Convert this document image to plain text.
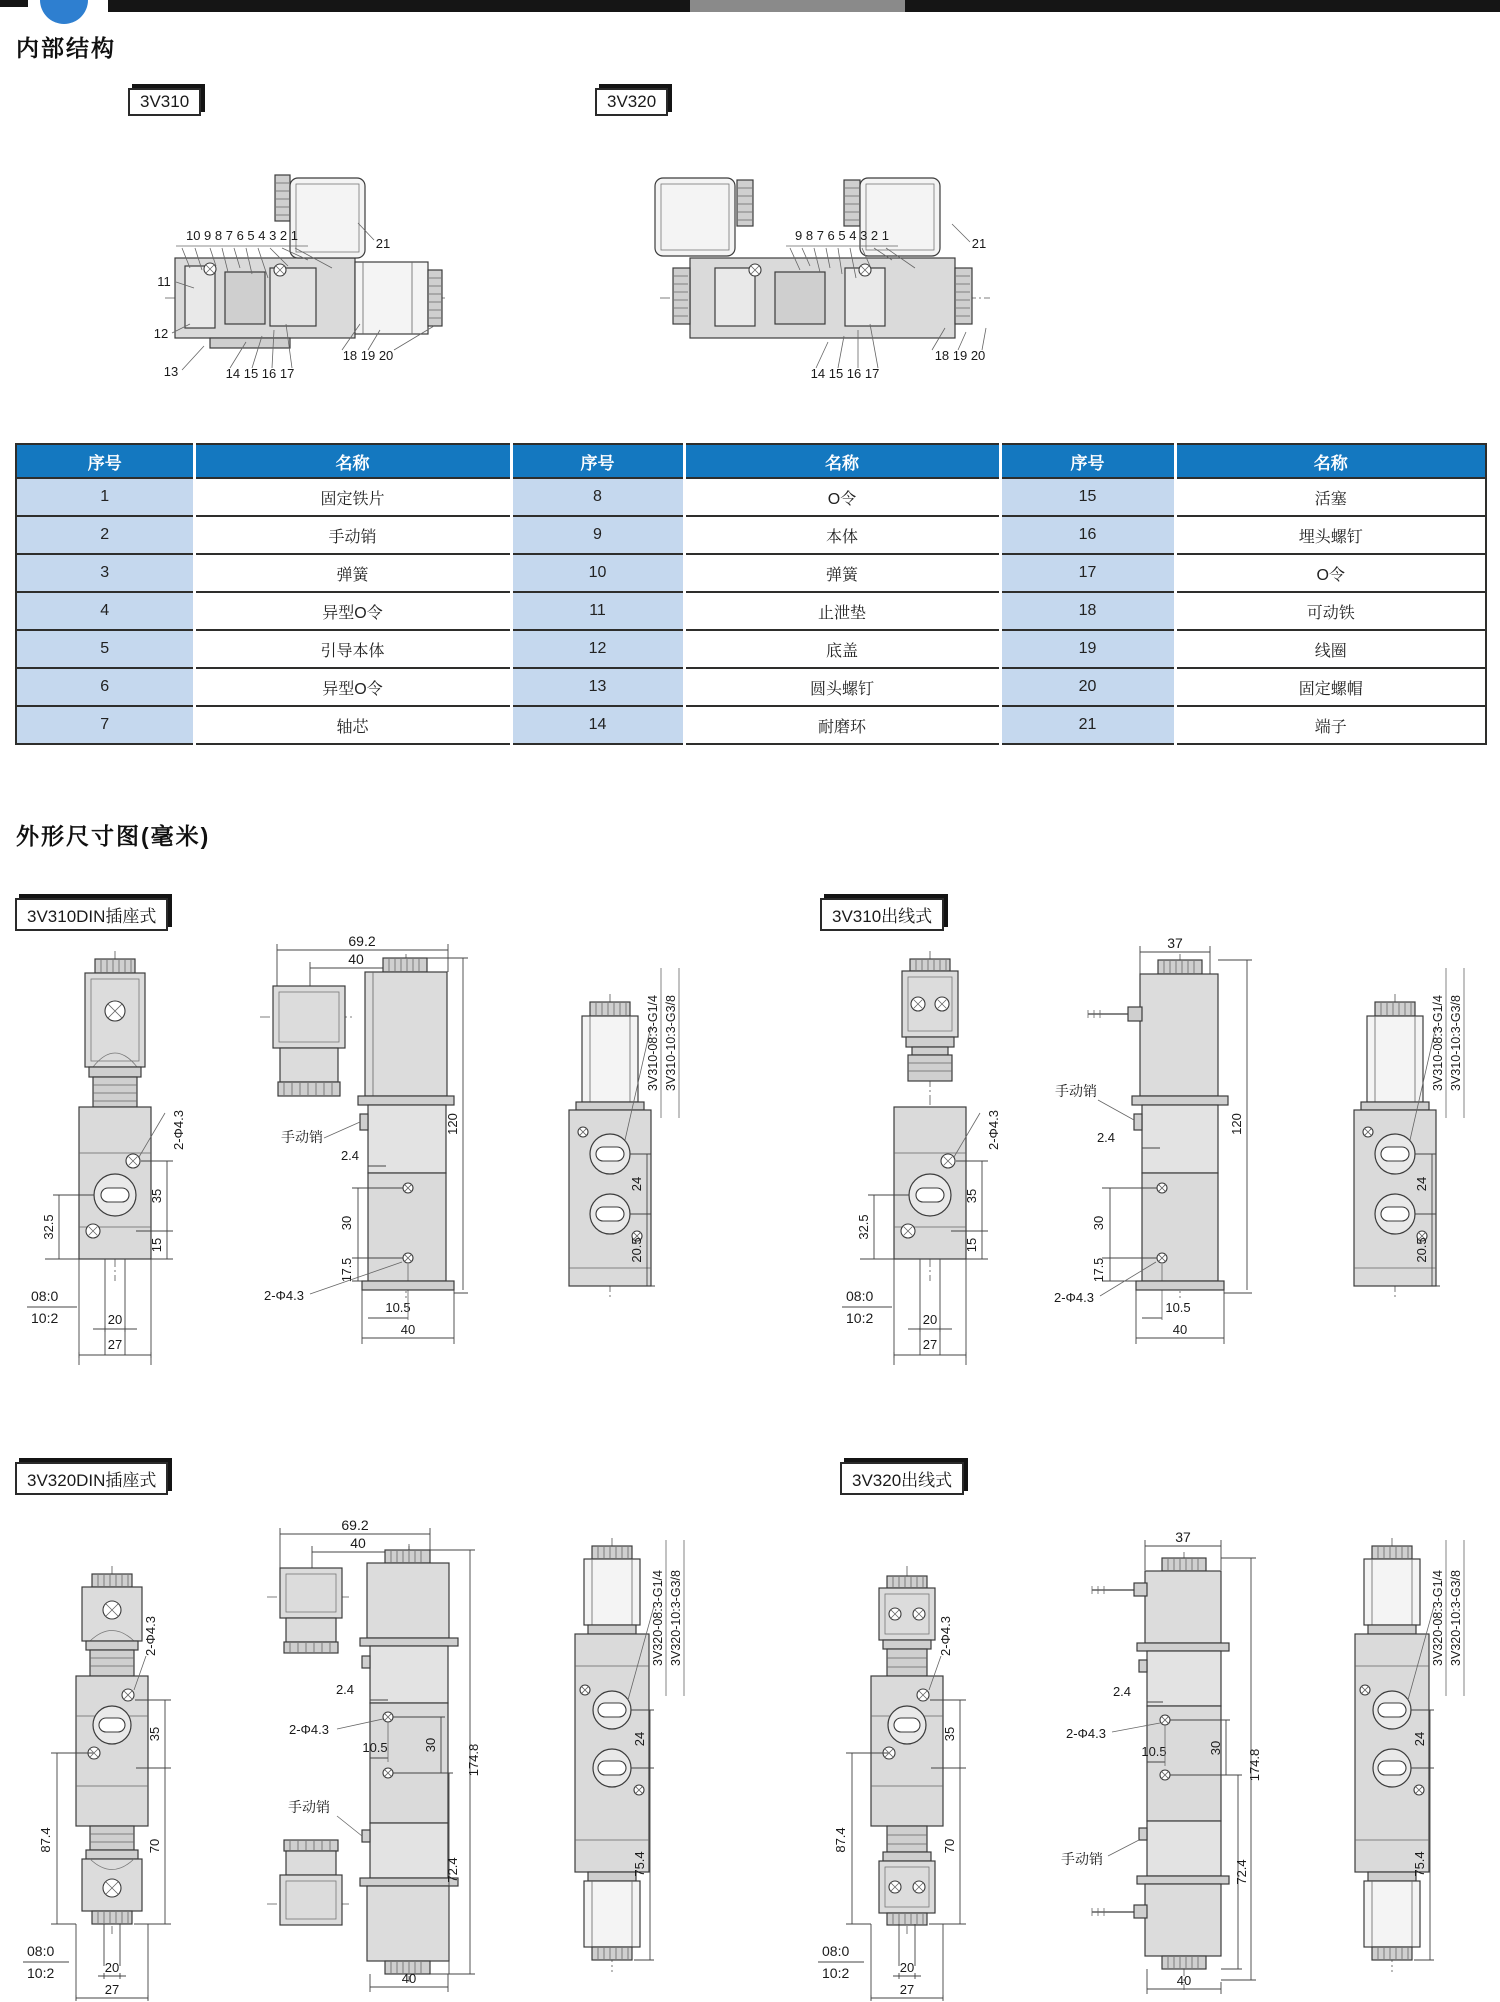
内部结构
3V310	3V320
10 9 8 7 6 5 4 3 2 1
11
12
13	14 15 16 17
18 19 20
21
9 8 7 6 5 4 3 2 1
21
14 15 16 17
18 19 20
序号	名称	序号	名称	序号	名称
1	固定铁片	8	O令	15	活塞
2	手动销	9	本体	16	埋头螺钉
3	弹簧	10	弹簧	17	O令
4	异型O令	11	止泄垫	18	可动铁
5	引导本体	12	底盖	19	线圈
6	异型O令	13	圆头螺钉	20	固定螺帽
7	轴芯	14	耐磨环	21	端子
外形尺寸图(毫米)
3V310DIN插座式	3V310出线式
3V320DIN插座式	3V320出线式
2-Φ4.3
35
15
32.5
08:0
10:2	20
27
69.2
40
手动销
2.4
30
17.5
2-Φ4.3
10.5
40
120
3V310-08:3-G1/4 3V310-10:3-G3/8
24
20.5
2-Φ4.3
35
15
32.5
08:0
10:2	20
27
37
手动销
2.4
30
17.5
2-Φ4.3
10.5
40
120
3V310-08:3-G1/4 3V310-10:3-G3/8
24
20.5
2-Φ4.3
35
70
87.4
08:0
10:2	20
27
69.2
40
2.4
2-Φ4.3
10.5	30
手动销
72.4
174.8
40
3V320-08:3-G1/4 3V320-10:3-G3/8
24
75.4
2-Φ4.3
35
70
87.4
08:0
10:2	20
27
37
2.4
2-Φ4.3
10.5	30
手动销
72.4
174.8
40
3V320-08:3-G1/4 3V320-10:3-G3/8
24
75.4
